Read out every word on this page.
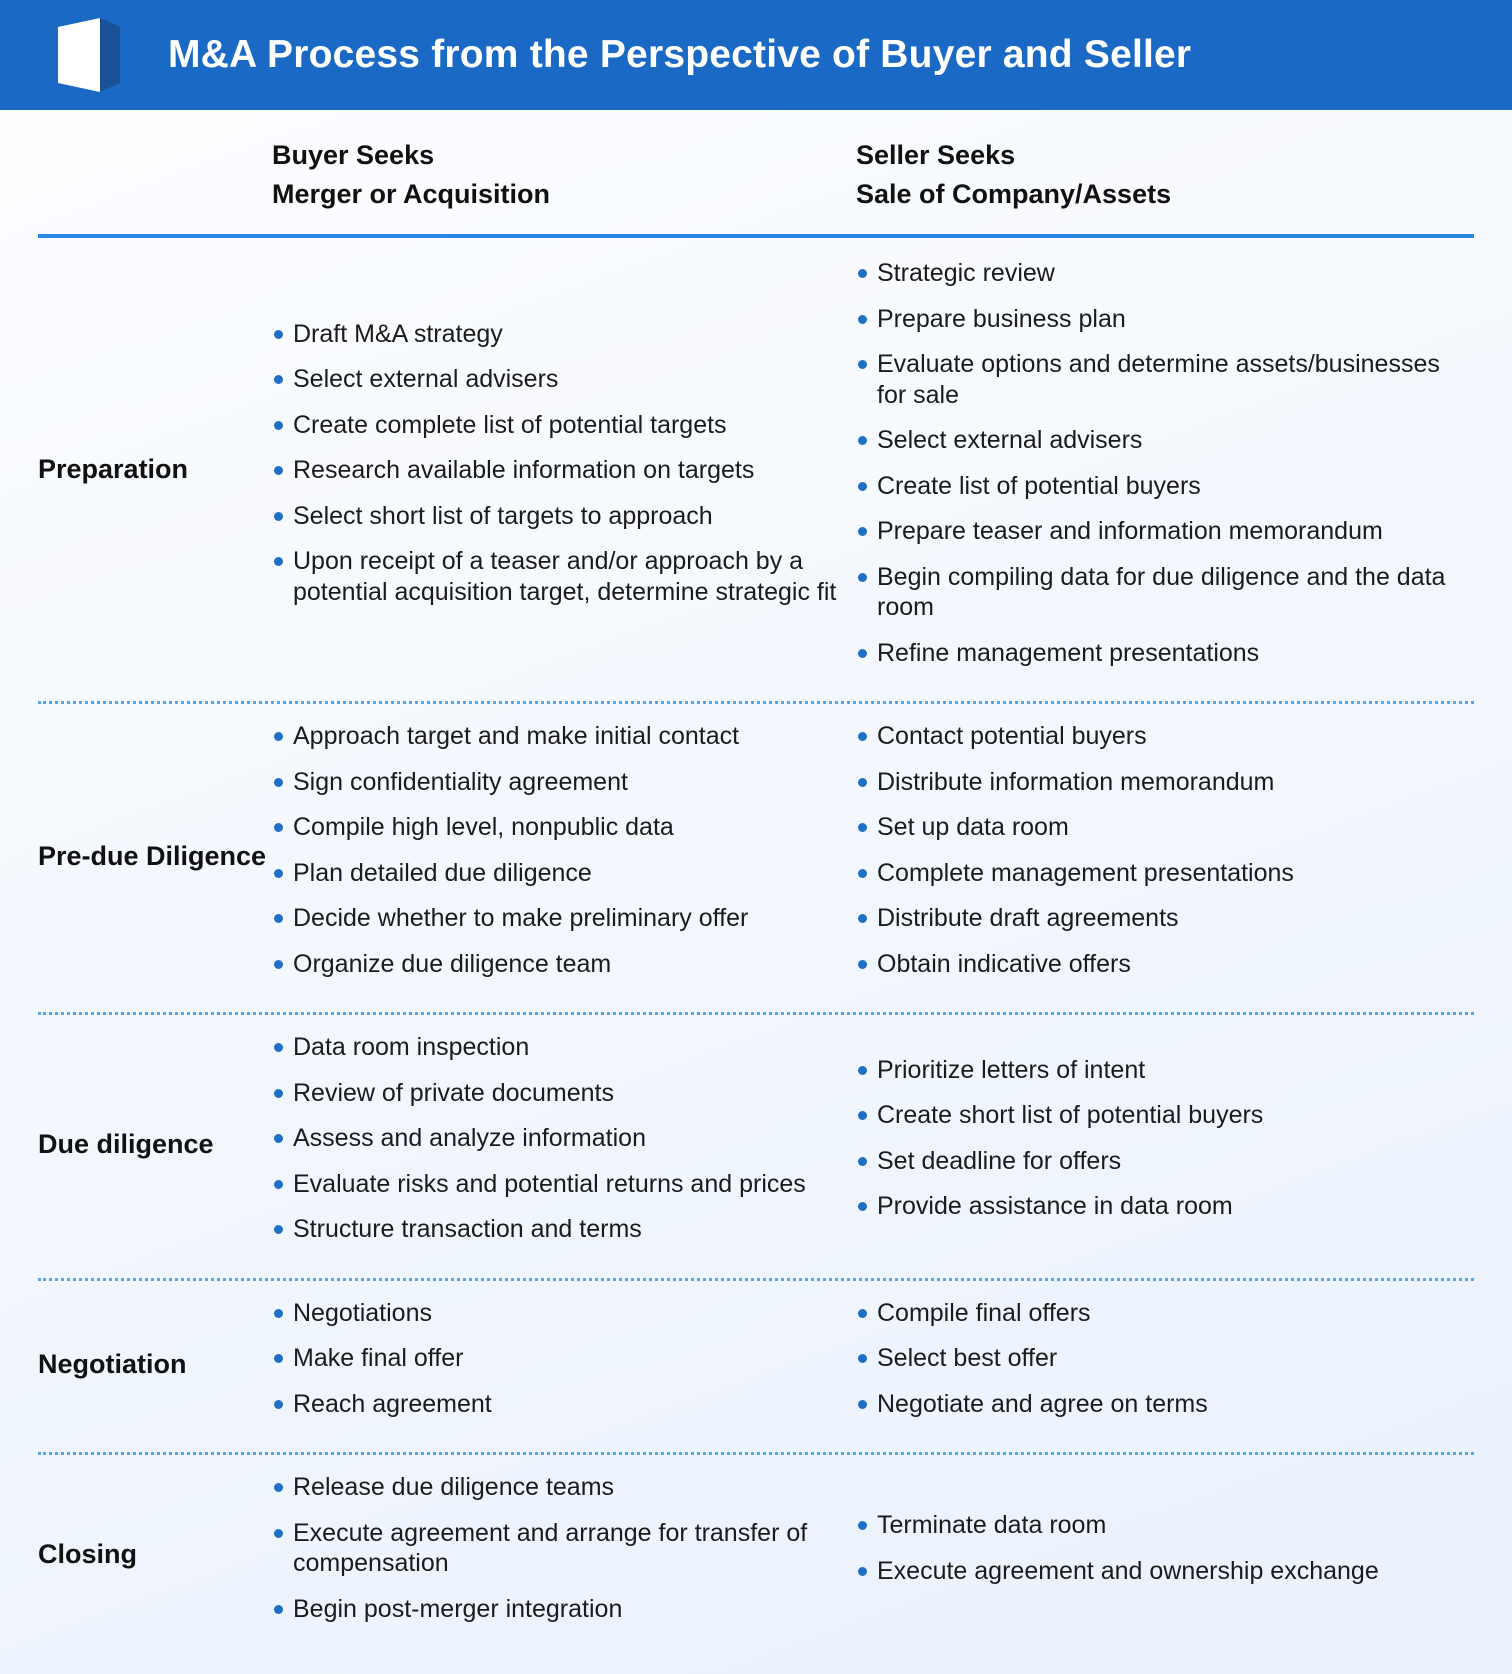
M&A Process from the Perspective of Buyer and Seller
Buyer Seeks
Merger or Acquisition
Seller Seeks
Sale of Company/Assets
Preparation
Draft M&A strategy
Select external advisers
Create complete list of potential targets
Research available information on targets
Select short list of targets to approach
Upon receipt of a teaser and/or approach by a potential acquisition target, determine strategic fit
Strategic review
Prepare business plan
Evaluate options and determine assets/businesses for sale
Select external advisers
Create list of potential buyers
Prepare teaser and information memorandum
Begin compiling data for due diligence and the data room
Refine management presentations
Pre-due Diligence
Approach target and make initial contact
Sign confidentiality agreement
Compile high level, nonpublic data
Plan detailed due diligence
Decide whether to make preliminary offer
Organize due diligence team
Contact potential buyers
Distribute information memorandum
Set up data room
Complete management presentations
Distribute draft agreements
Obtain indicative offers
Due diligence
Data room inspection
Review of private documents
Assess and analyze information
Evaluate risks and potential returns and prices
Structure transaction and terms
Prioritize letters of intent
Create short list of potential buyers
Set deadline for offers
Provide assistance in data room
Negotiation
Negotiations
Make final offer
Reach agreement
Compile final offers
Select best offer
Negotiate and agree on terms
Closing
Release due diligence teams
Execute agreement and arrange for transfer of compensation
Begin post-merger integration
Terminate data room
Execute agreement and ownership exchange
